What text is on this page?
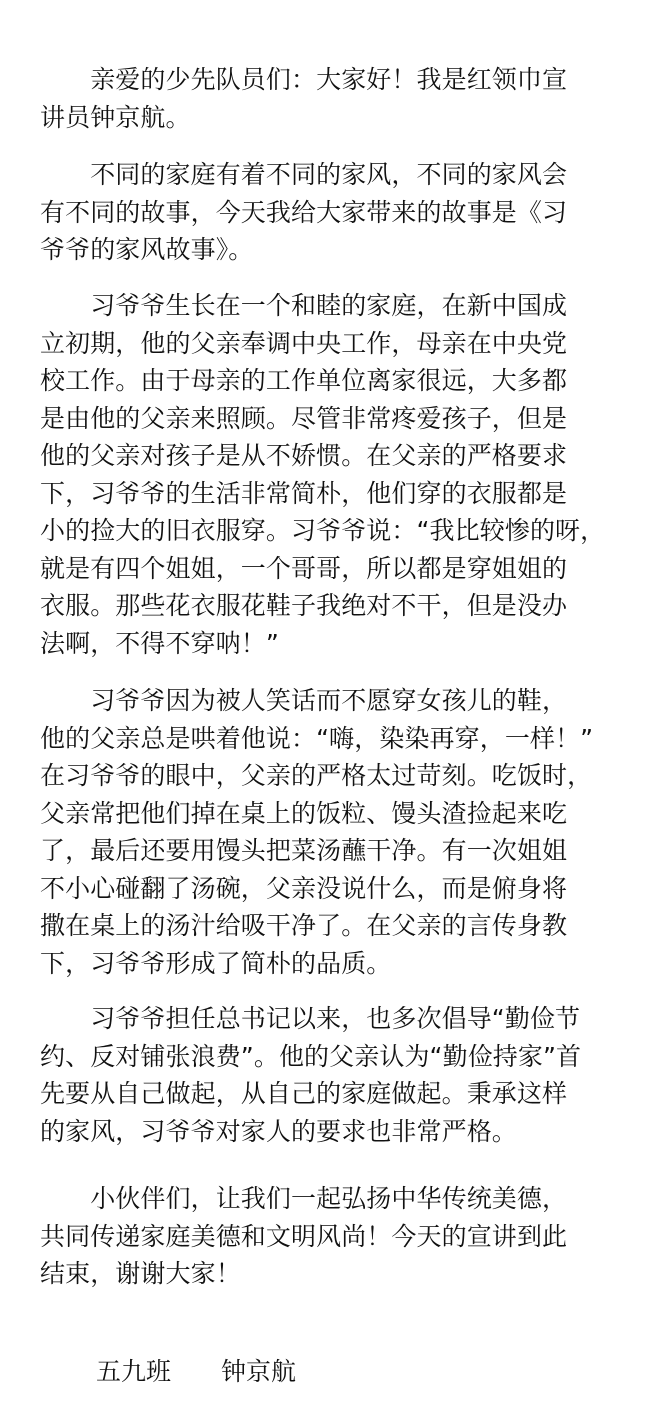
　　亲爱的少先队员们：大家好！我是红领巾宣
讲员钟京航。
　　不同的家庭有着不同的家风，不同的家风会
有不同的故事，今天我给大家带来的故事是《习
爷爷的家风故事》。
　　习爷爷生长在一个和睦的家庭，在新中国成
立初期，他的父亲奉调中央工作，母亲在中央党
校工作。由于母亲的工作单位离家很远，大多都
是由他的父亲来照顾。尽管非常疼爱孩子，但是
他的父亲对孩子是从不娇惯。在父亲的严格要求
下，习爷爷的生活非常简朴，他们穿的衣服都是
小的捡大的旧衣服穿。习爷爷说：“我比较惨的呀，
就是有四个姐姐，一个哥哥，所以都是穿姐姐的
衣服。那些花衣服花鞋子我绝对不干，但是没办
法啊，不得不穿呐！”
　　习爷爷因为被人笑话而不愿穿女孩儿的鞋，
他的父亲总是哄着他说：“嗨，染染再穿，一样！”
在习爷爷的眼中，父亲的严格太过苛刻。吃饭时，
父亲常把他们掉在桌上的饭粒、馒头渣捡起来吃
了，最后还要用馒头把菜汤蘸干净。有一次姐姐
不小心碰翻了汤碗，父亲没说什么，而是俯身将
撒在桌上的汤汁给吸干净了。在父亲的言传身教
下，习爷爷形成了简朴的品质。
　　习爷爷担任总书记以来，也多次倡导“勤俭节
约、反对铺张浪费”。他的父亲认为“勤俭持家”首
先要从自己做起，从自己的家庭做起。秉承这样
的家风，习爷爷对家人的要求也非常严格。
　　小伙伴们，让我们一起弘扬中华传统美德，
共同传递家庭美德和文明风尚！今天的宣讲到此
结束，谢谢大家！
五九班 钟京航
